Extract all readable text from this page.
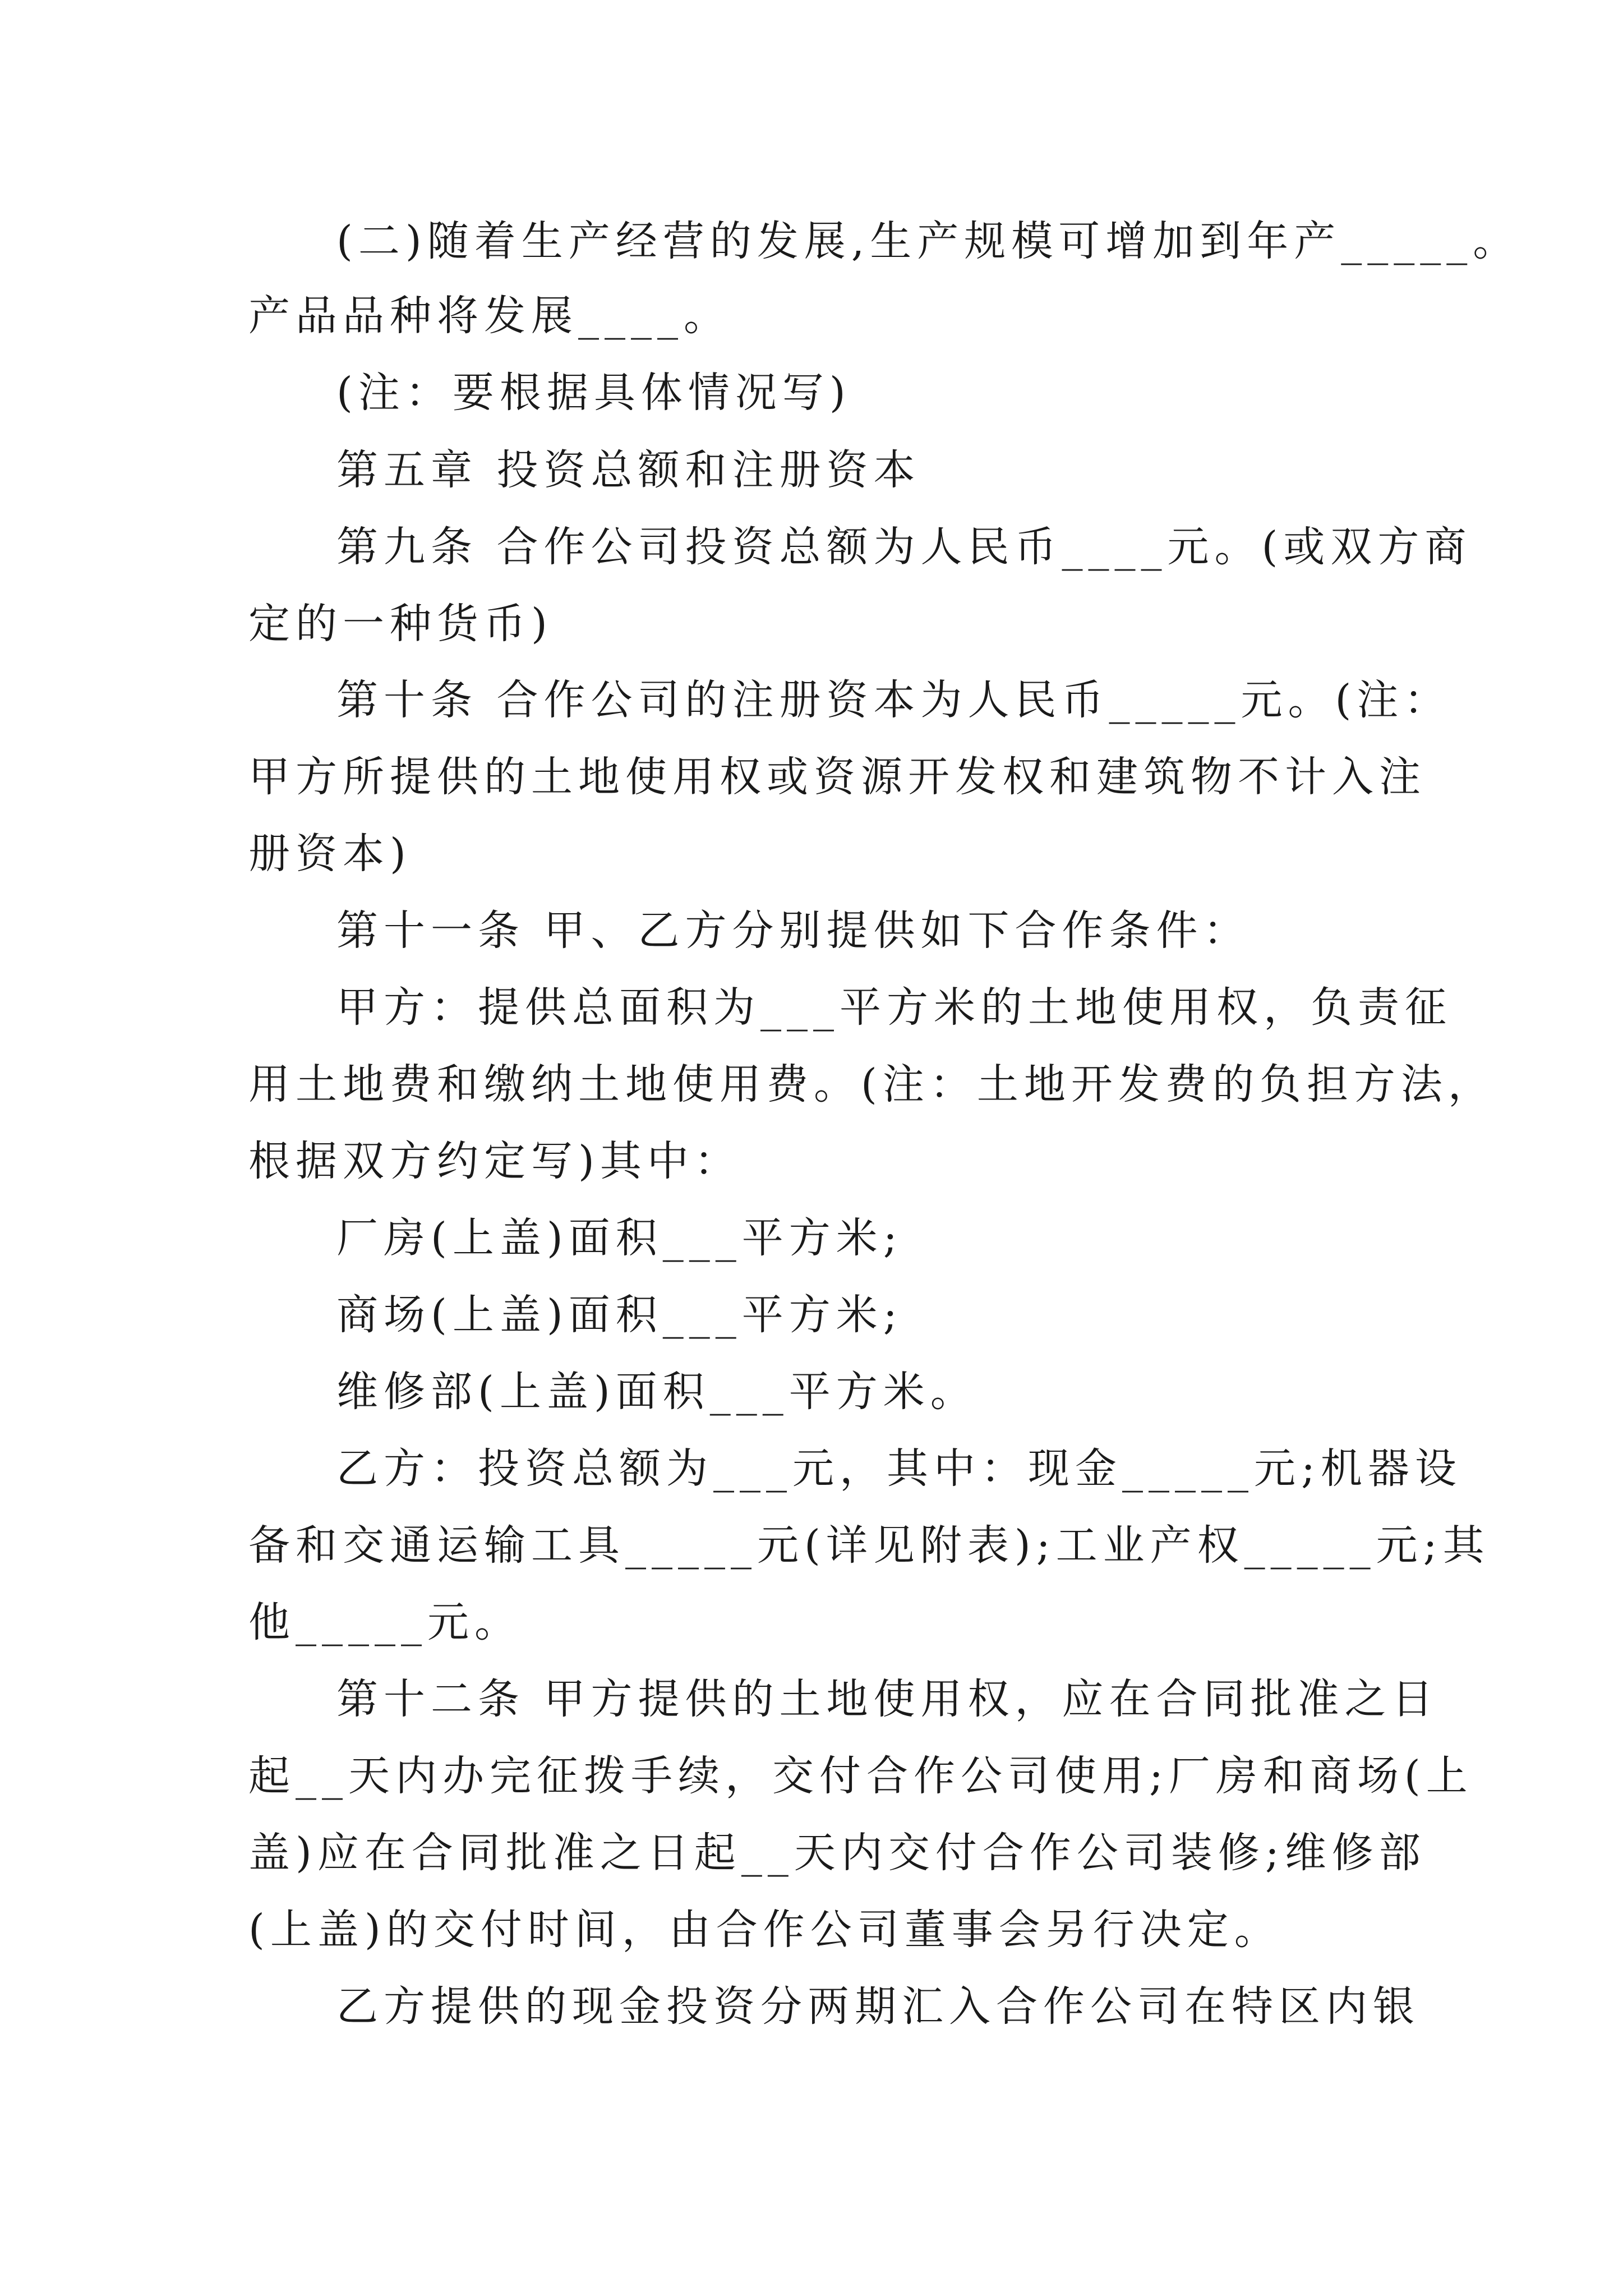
(二)随着生产经营的发展,生产规模可增加到年产_____。
产品品种将发展____。
(注：要根据具体情况写)
第五章 投资总额和注册资本
第九条 合作公司投资总额为人民币____元。(或双方商
定的一种货币)
第十条 合作公司的注册资本为人民币_____元。(注：
甲方所提供的土地使用权或资源开发权和建筑物不计入注
册资本)
第十一条 甲、乙方分别提供如下合作条件：
甲方：提供总面积为___平方米的土地使用权，负责征
用土地费和缴纳土地使用费。(注：土地开发费的负担方法，
根据双方约定写)其中：
厂房(上盖)面积___平方米;
商场(上盖)面积___平方米;
维修部(上盖)面积___平方米。
乙方：投资总额为___元，其中：现金_____元;机器设
备和交通运输工具_____元(详见附表);工业产权_____元;其
他_____元。
第十二条 甲方提供的土地使用权，应在合同批准之日
起__天内办完征拨手续，交付合作公司使用;厂房和商场(上
盖)应在合同批准之日起__天内交付合作公司装修;维修部
(上盖)的交付时间，由合作公司董事会另行决定。
乙方提供的现金投资分两期汇入合作公司在特区内银
